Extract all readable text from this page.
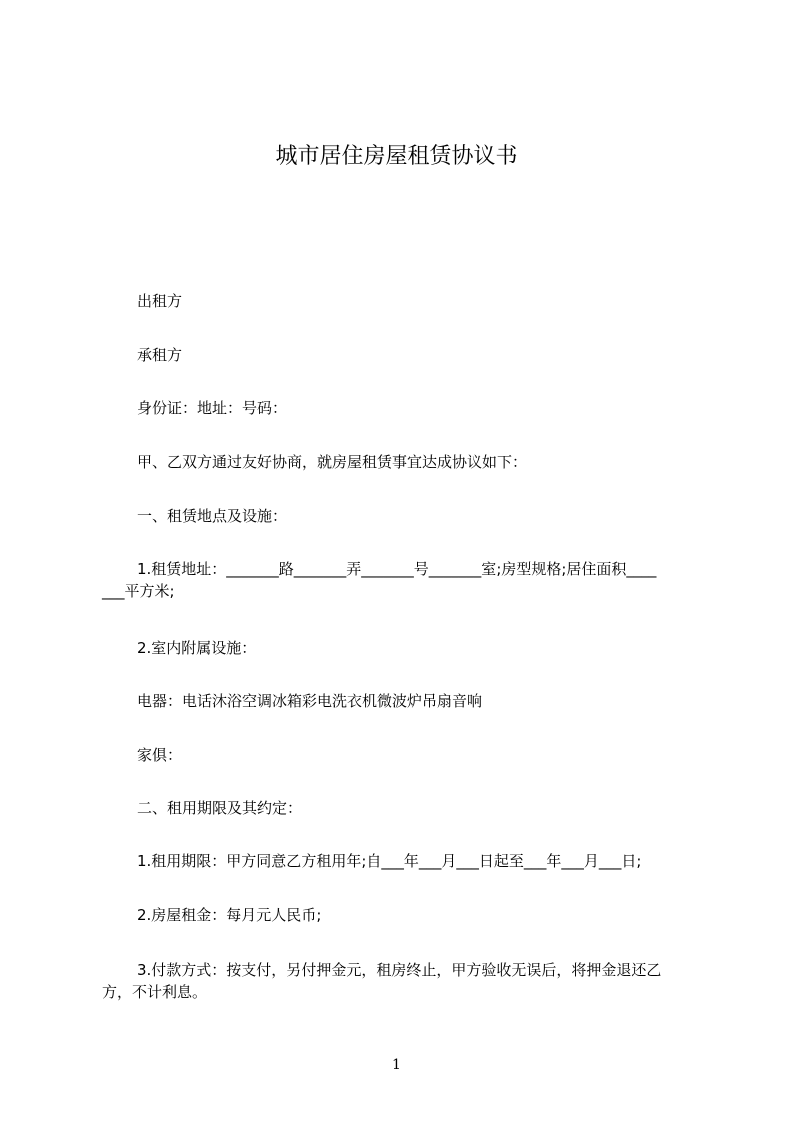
城市居住房屋租赁协议书

出租方

承租方

身份证：地址：号码：

甲、乙双方通过友好协商，就房屋租赁事宜达成协议如下：

一、租赁地点及设施：

1.租赁地址：_______路_______弄_______号_______室;房型规格;居住面积____
___平方米;

2.室内附属设施：

电器：电话沐浴空调冰箱彩电洗衣机微波炉吊扇音响

家俱：

二、租用期限及其约定：

1.租用期限：甲方同意乙方租用年;自___年___月___日起至___年___月___日;

2.房屋租金：每月元人民币;

3.付款方式：按支付，另付押金元，租房终止，甲方验收无误后，将押金退还乙
方，不计利息。
1
